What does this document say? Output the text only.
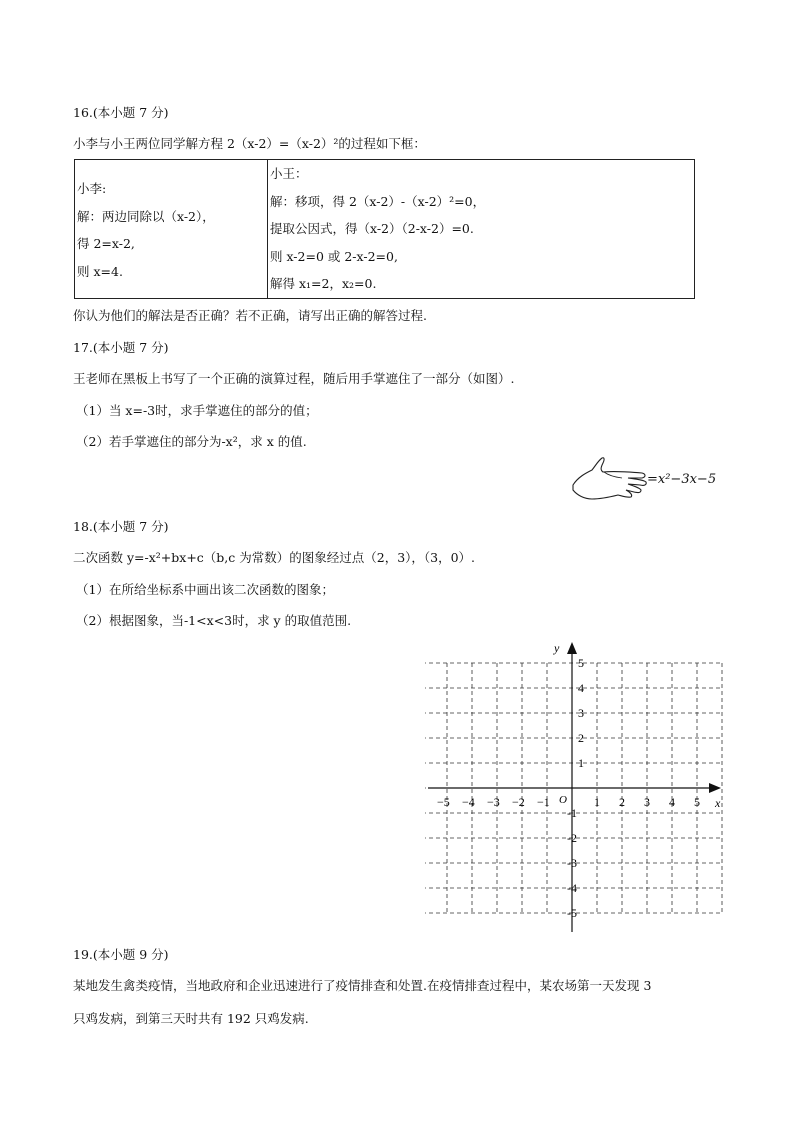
16.(本小题 7 分)
小李与小王两位同学解方程 2（x-2）=（x-2）²的过程如下框：
小李:
解：两边同除以（x-2），
得 2=x-2,
则 x=4.

小王：
解：移项，得 2（x-2）-（x-2）²=0，
提取公因式，得（x-2）（2-x-2）=0.
则 x-2=0 或 2-x-2=0,
解得 x₁=2，x₂=0.
你认为他们的解法是否正确？若不正确，请写出正确的解答过程.
17.(本小题 7 分)
王老师在黑板上书写了一个正确的演算过程，随后用手掌遮住了一部分（如图）.
（1）当 x=-3时，求手掌遮住的部分的值；
（2）若手掌遮住的部分为-x²，求 x 的值.
=x²−3x−5
18.(本小题 7 分)
二次函数 y=-x²+bx+c（b,c 为常数）的图象经过点（2，3），（3，0）.
（1）在所给坐标系中画出该二次函数的图象；
（2）根据图象，当-1<x<3时，求 y 的取值范围.
x
y
O
−5 −4 −3 −2 −1	1 2 3 4 5
5
4
3
2
1
-1
-2
-3
-4
-5
19.(本小题 9 分)
某地发生禽类疫情，当地政府和企业迅速进行了疫情排查和处置.在疫情排查过程中，某农场第一天发现 3
只鸡发病，到第三天时共有 192 只鸡发病.
